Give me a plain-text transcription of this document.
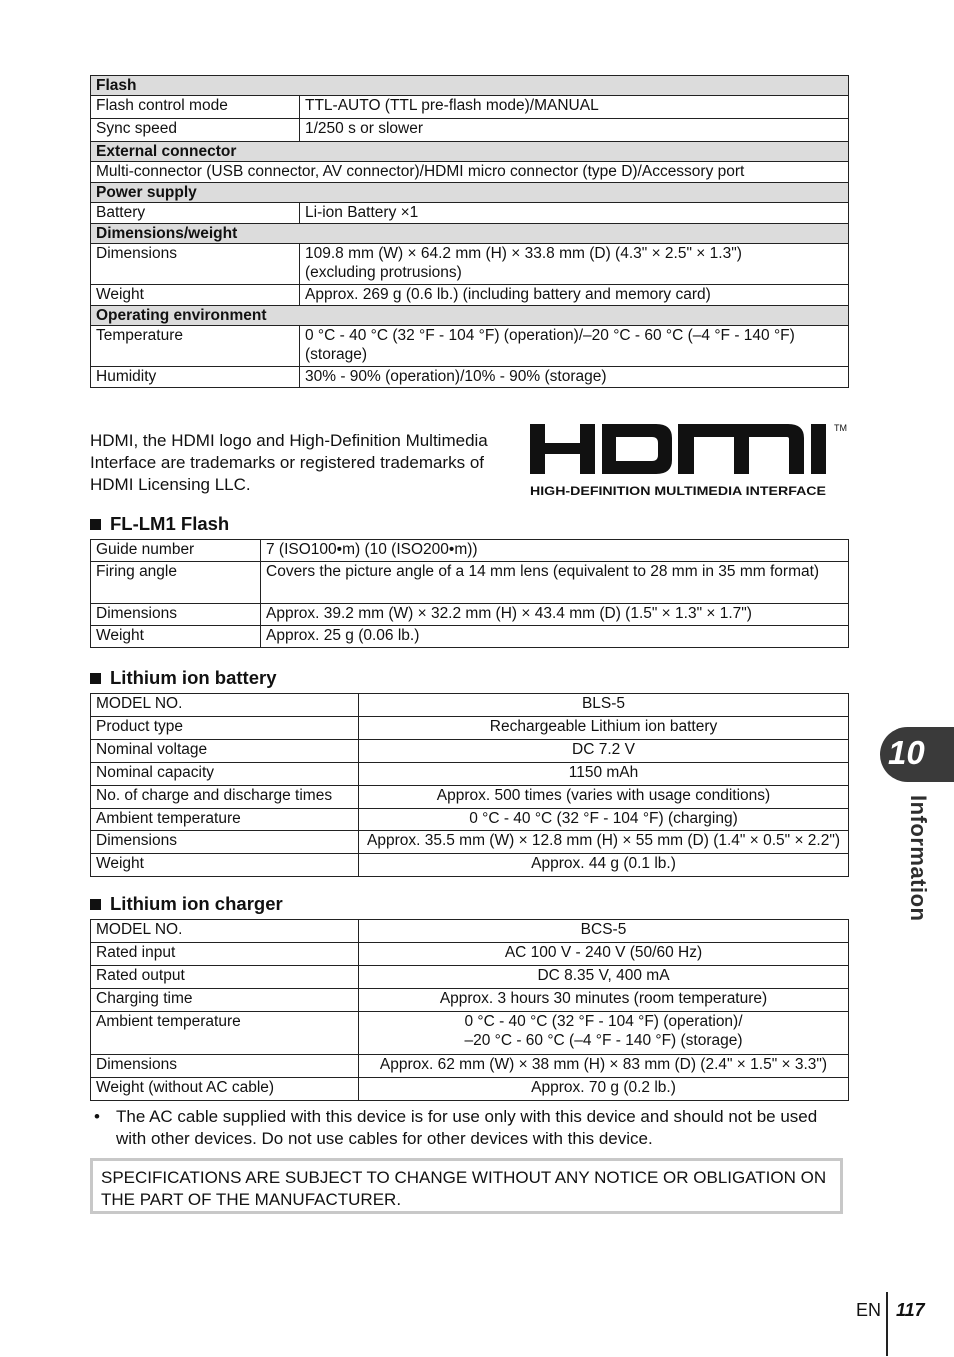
Flash	
Flash control mode	TTL-AUTO (TTL pre-flash mode)/MANUAL
Sync speed	1/250 s or slower
External connector	
Multi-connector (USB connector, AV connector)/HDMI micro connector (type D)/Accessory port	
Power supply	
Battery	Li-ion Battery ×1
Dimensions/weight	
Dimensions	109.8 mm (W) × 64.2 mm (H) × 33.8 mm (D) (4.3" × 2.5" × 1.3")
(excluding protrusions)

Weight	Approx. 269 g (0.6 lb.) (including battery and memory card)
Operating environment	
Temperature	0 °C - 40 °C (32 °F - 104 °F) (operation)/–20 °C - 60 °C (–4 °F - 140 °F)
(storage)

Humidity	30% - 90% (operation)/10% - 90% (storage)
HDMI, the HDMI logo and High-Definition Multimedia Interface are trademarks or registered trademarks of HDMI Licensing LLC.
TM
HIGH-DEFINITION MULTIMEDIA INTERFACE
FL-LM1 Flash
Guide number	7 (ISO100•m) (10 (ISO200•m))
Firing angle	Covers the picture angle of a 14 mm lens (equivalent to 28 mm in 35 mm format)
Dimensions	Approx. 39.2 mm (W) × 32.2 mm (H) × 43.4 mm (D) (1.5" × 1.3" × 1.7")
Weight	Approx. 25 g (0.06 lb.)
Lithium ion battery
MODEL NO.	BLS-5
Product type	Rechargeable Lithium ion battery
Nominal voltage	DC 7.2 V
Nominal capacity	1150 mAh
No. of charge and discharge times	Approx. 500 times (varies with usage conditions)
Ambient temperature	0 °C - 40 °C (32 °F - 104 °F) (charging)
Dimensions	Approx. 35.5 mm (W) × 12.8 mm (H) × 55 mm (D) (1.4" × 0.5" × 2.2")
Weight	Approx. 44 g (0.1 lb.)
Lithium ion charger
MODEL NO.	BCS-5
Rated input	AC 100 V - 240 V (50/60 Hz)
Rated output	DC 8.35 V, 400 mA
Charging time	Approx. 3 hours 30 minutes (room temperature)
Ambient temperature	0 °C - 40 °C (32 °F - 104 °F) (operation)/
–20 °C - 60 °C (–4 °F - 140 °F) (storage)

Dimensions	Approx. 62 mm (W) × 38 mm (H) × 83 mm (D) (2.4" × 1.5" × 3.3")
Weight (without AC cable)	Approx. 70 g (0.2 lb.)
• The AC cable supplied with this device is for use only with this device and should not be used with other devices. Do not use cables for other devices with this device.
SPECIFICATIONS ARE SUBJECT TO CHANGE WITHOUT ANY NOTICE OR OBLIGATION ON THE PART OF THE MANUFACTURER.
10
Information
EN 117
